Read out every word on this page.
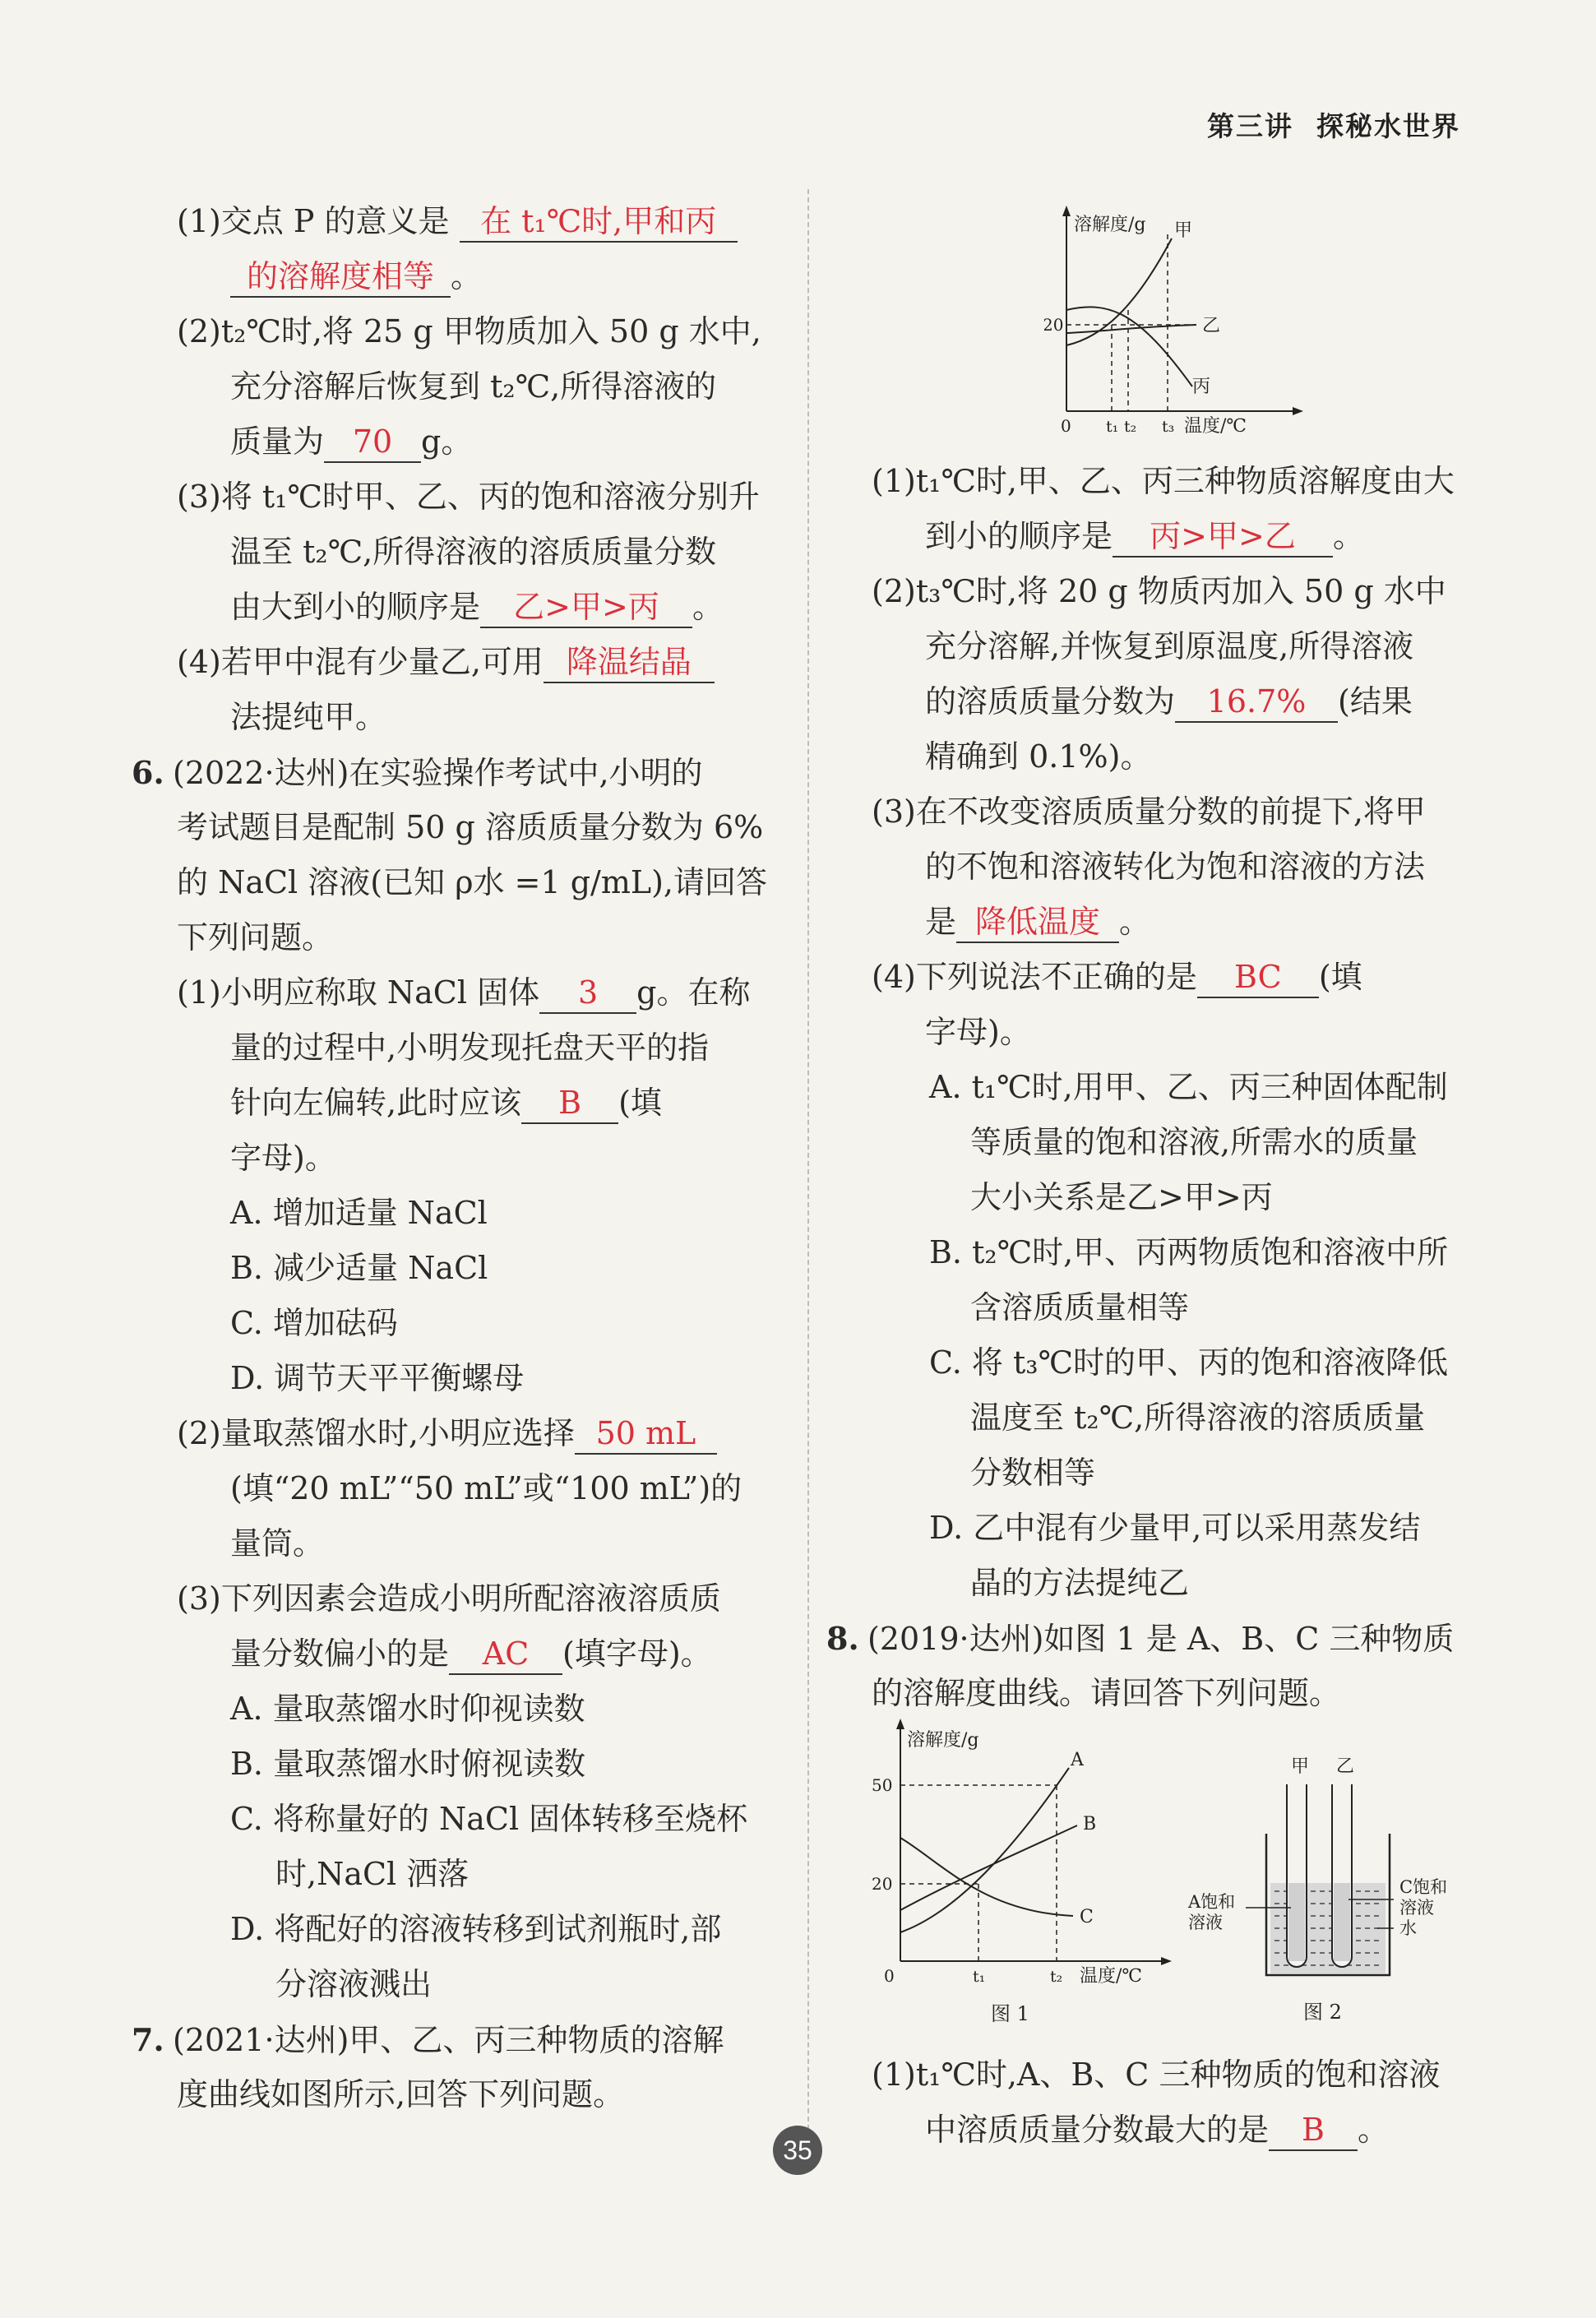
第三讲 探秘水世界
(1)交点 P 的意义是 在 t₁℃时,甲和丙
的溶解度相等 。
(2)t₂℃时,将 25 g 甲物质加入 50 g 水中,
充分溶解后恢复到 t₂℃,所得溶液的
质量为 70 g。
(3)将 t₁℃时甲、乙、丙的饱和溶液分别升
温至 t₂℃,所得溶液的溶质质量分数
由大到小的顺序是 乙>甲>丙 。
(4)若甲中混有少量乙,可用 降温结晶
法提纯甲。
6. (2022·达州)在实验操作考试中,小明的
考试题目是配制 50 g 溶质质量分数为 6%
的 NaCl 溶液(已知 ρ水 =1 g/mL),请回答
下列问题。
(1)小明应称取 NaCl 固体 3 g。在称
量的过程中,小明发现托盘天平的指
针向左偏转,此时应该 B (填
字母)。
A. 增加适量 NaCl
B. 减少适量 NaCl
C. 增加砝码
D. 调节天平平衡螺母
(2)量取蒸馏水时,小明应选择 50 mL
(填“20 mL”“50 mL”或“100 mL”)的
量筒。
(3)下列因素会造成小明所配溶液溶质质
量分数偏小的是 AC (填字母)。
A. 量取蒸馏水时仰视读数
B. 量取蒸馏水时俯视读数
C. 将称量好的 NaCl 固体转移至烧杯
时,NaCl 洒落
D. 将配好的溶液转移到试剂瓶时,部
分溶液溅出
7. (2021·达州)甲、乙、丙三种物质的溶解
度曲线如图所示,回答下列问题。
溶解度/g
0
20
甲
乙
丙
t₁ t₂ t₃ 温度/℃
(1)t₁℃时,甲、乙、丙三种物质溶解度由大
到小的顺序是 丙>甲>乙 。
(2)t₃℃时,将 20 g 物质丙加入 50 g 水中
充分溶解,并恢复到原温度,所得溶液
的溶质质量分数为 16.7% (结果
精确到 0.1%)。
(3)在不改变溶质质量分数的前提下,将甲
的不饱和溶液转化为饱和溶液的方法
是 降低温度 。
(4)下列说法不正确的是 BC (填
字母)。
A. t₁℃时,用甲、乙、丙三种固体配制
等质量的饱和溶液,所需水的质量
大小关系是乙>甲>丙
B. t₂℃时,甲、丙两物质饱和溶液中所
含溶质质量相等
C. 将 t₃℃时的甲、丙的饱和溶液降低
温度至 t₂℃,所得溶液的溶质质量
分数相等
D. 乙中混有少量甲,可以采用蒸发结
晶的方法提纯乙
8. (2019·达州)如图 1 是 A、B、C 三种物质
的溶解度曲线。请回答下列问题。
溶解度/g
0
50
20
A
B
C
t₁	t₂ 温度/℃
图 1
甲 乙
A饱和
溶液
C饱和
溶液
水
图 2
(1)t₁℃时,A、B、C 三种物质的饱和溶液
中溶质质量分数最大的是 B 。
35
